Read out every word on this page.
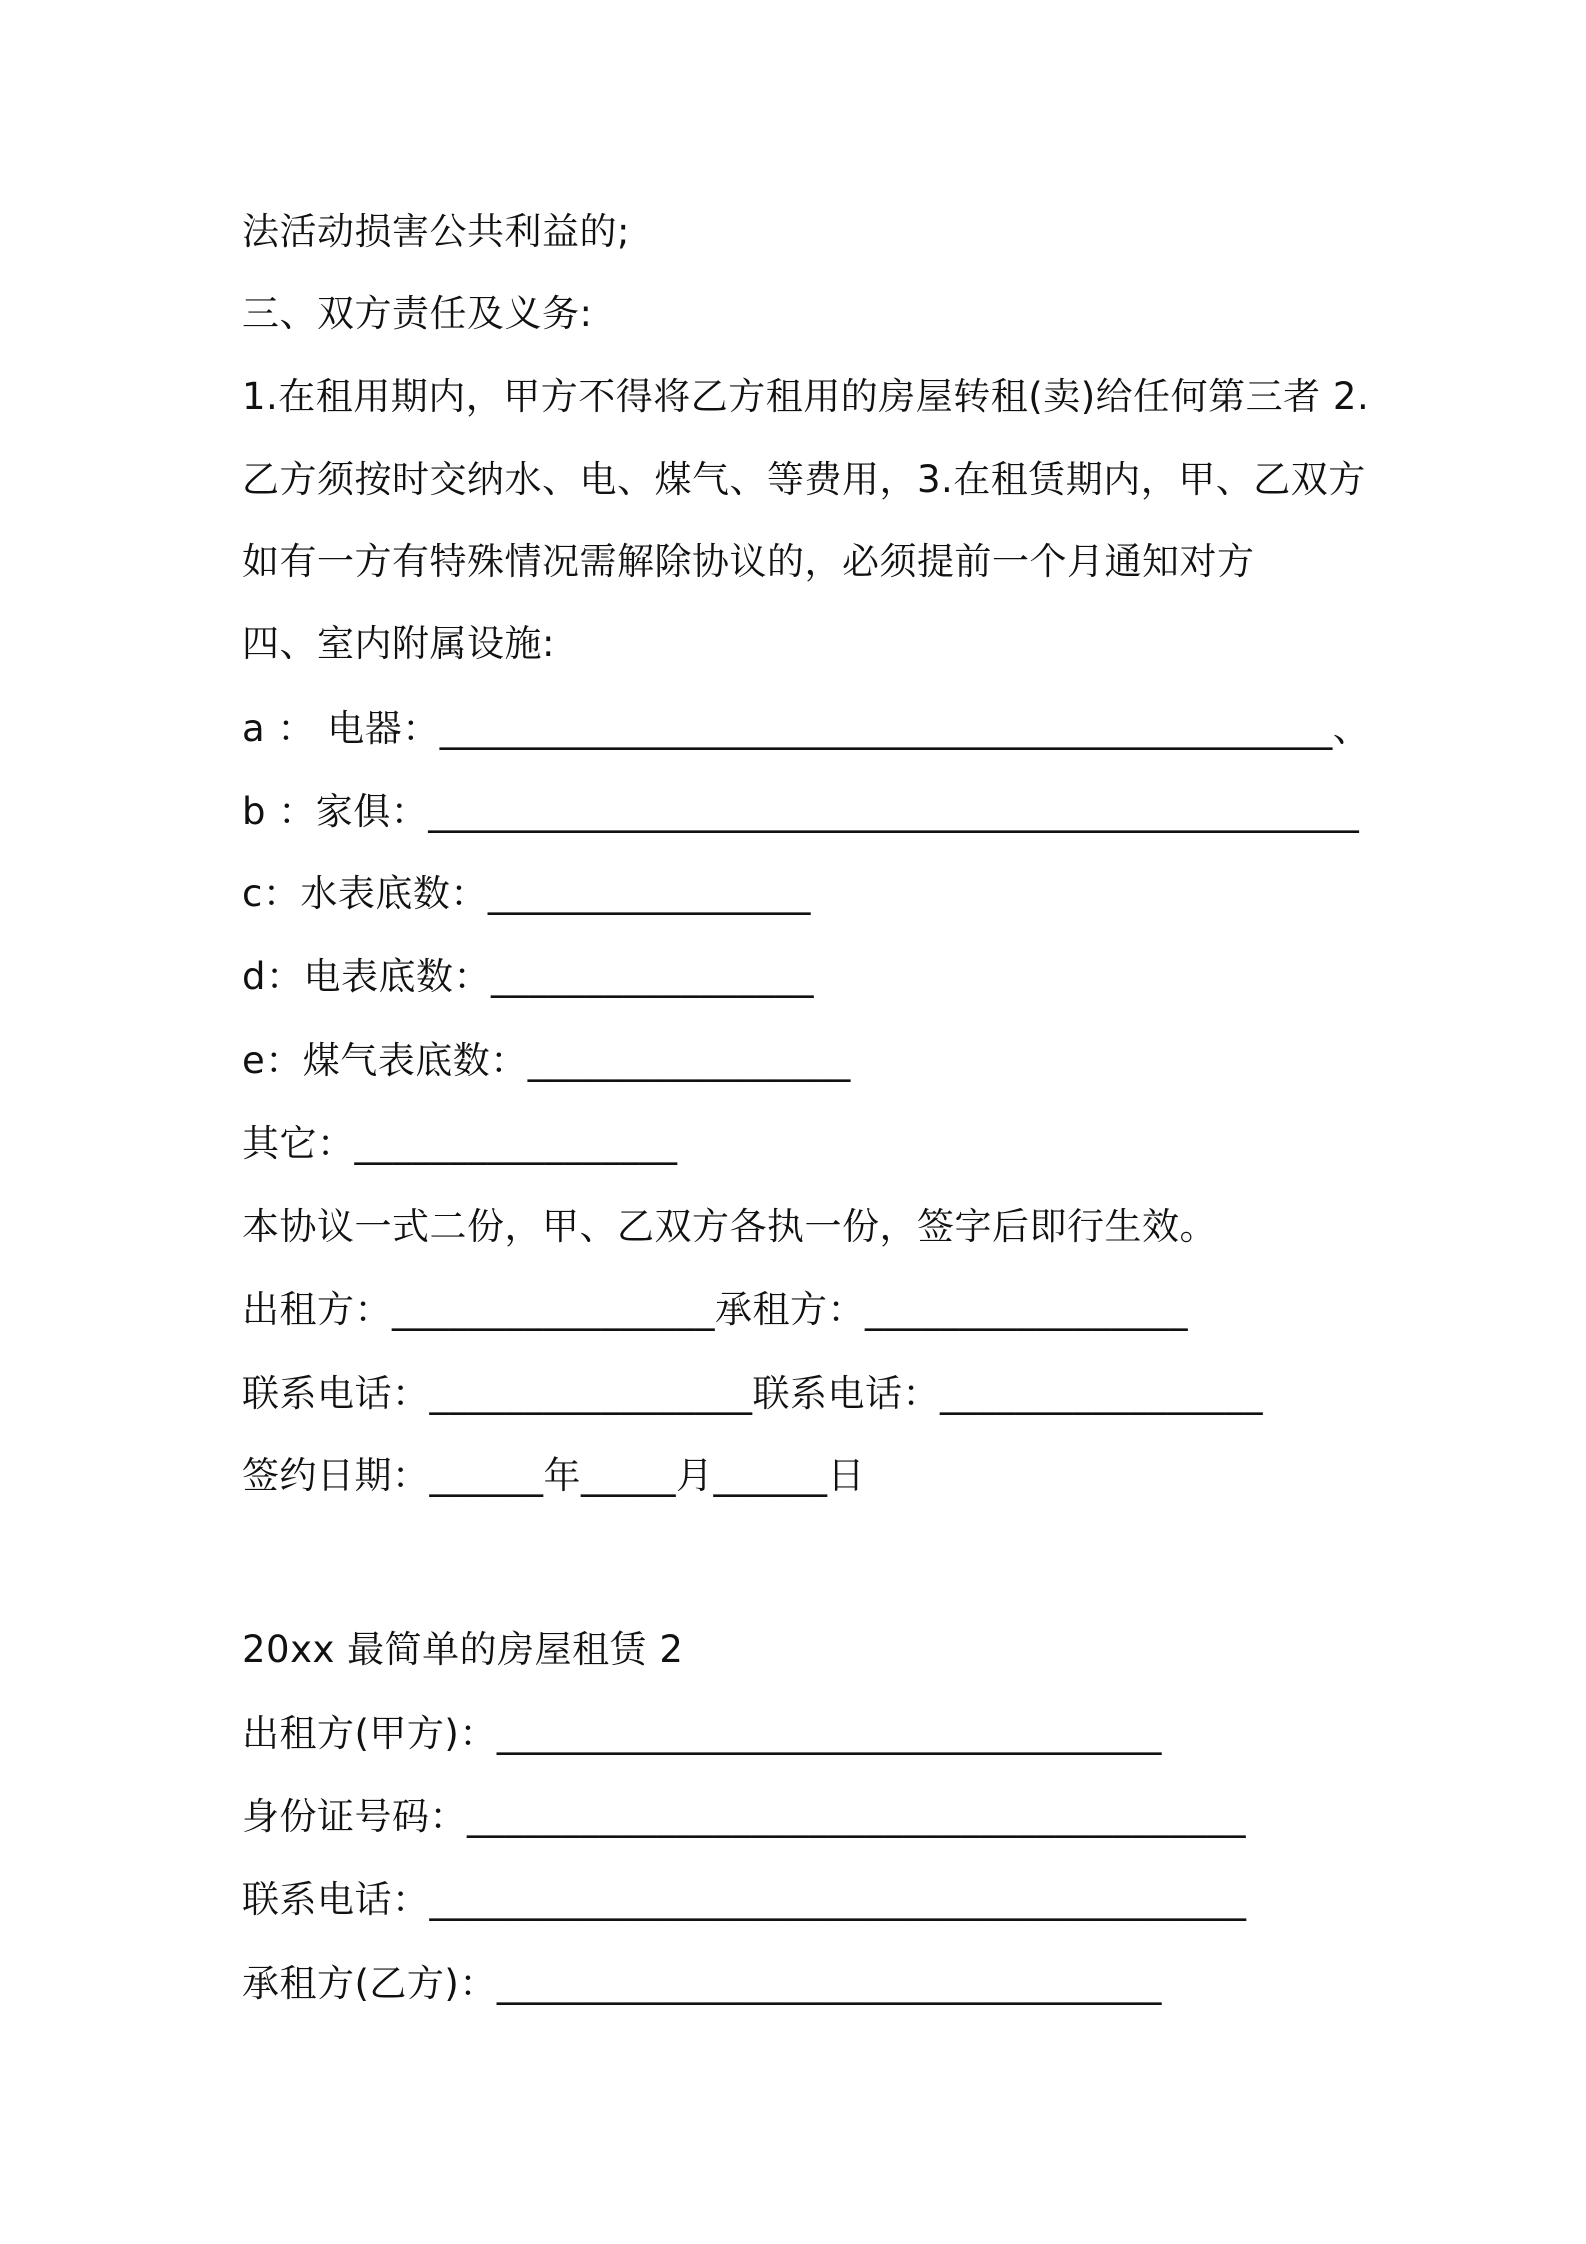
法活动损害公共利益的;
三、双方责任及义务:
1.在租用期内，甲方不得将乙方租用的房屋转租(卖)给任何第三者 2.
乙方须按时交纳水、电、煤气、等费用，3.在租赁期内，甲、乙双方
如有一方有特殊情况需解除协议的，必须提前一个月通知对方
四、室内附属设施:
a ： 电器：_______________________________________________、
b ：家俱：_________________________________________________
c：水表底数：_________________
d：电表底数：_________________
e：煤气表底数：_________________
其它：_________________
本协议一式二份，甲、乙双方各执一份，签字后即行生效。
出租方：_________________承租方：_________________
联系电话：_________________联系电话：_________________
签约日期：______年_____月______日
20xx 最简单的房屋租赁 2
出租方(甲方)：___________________________________
身份证号码：_________________________________________
联系电话：___________________________________________
承租方(乙方)：___________________________________
